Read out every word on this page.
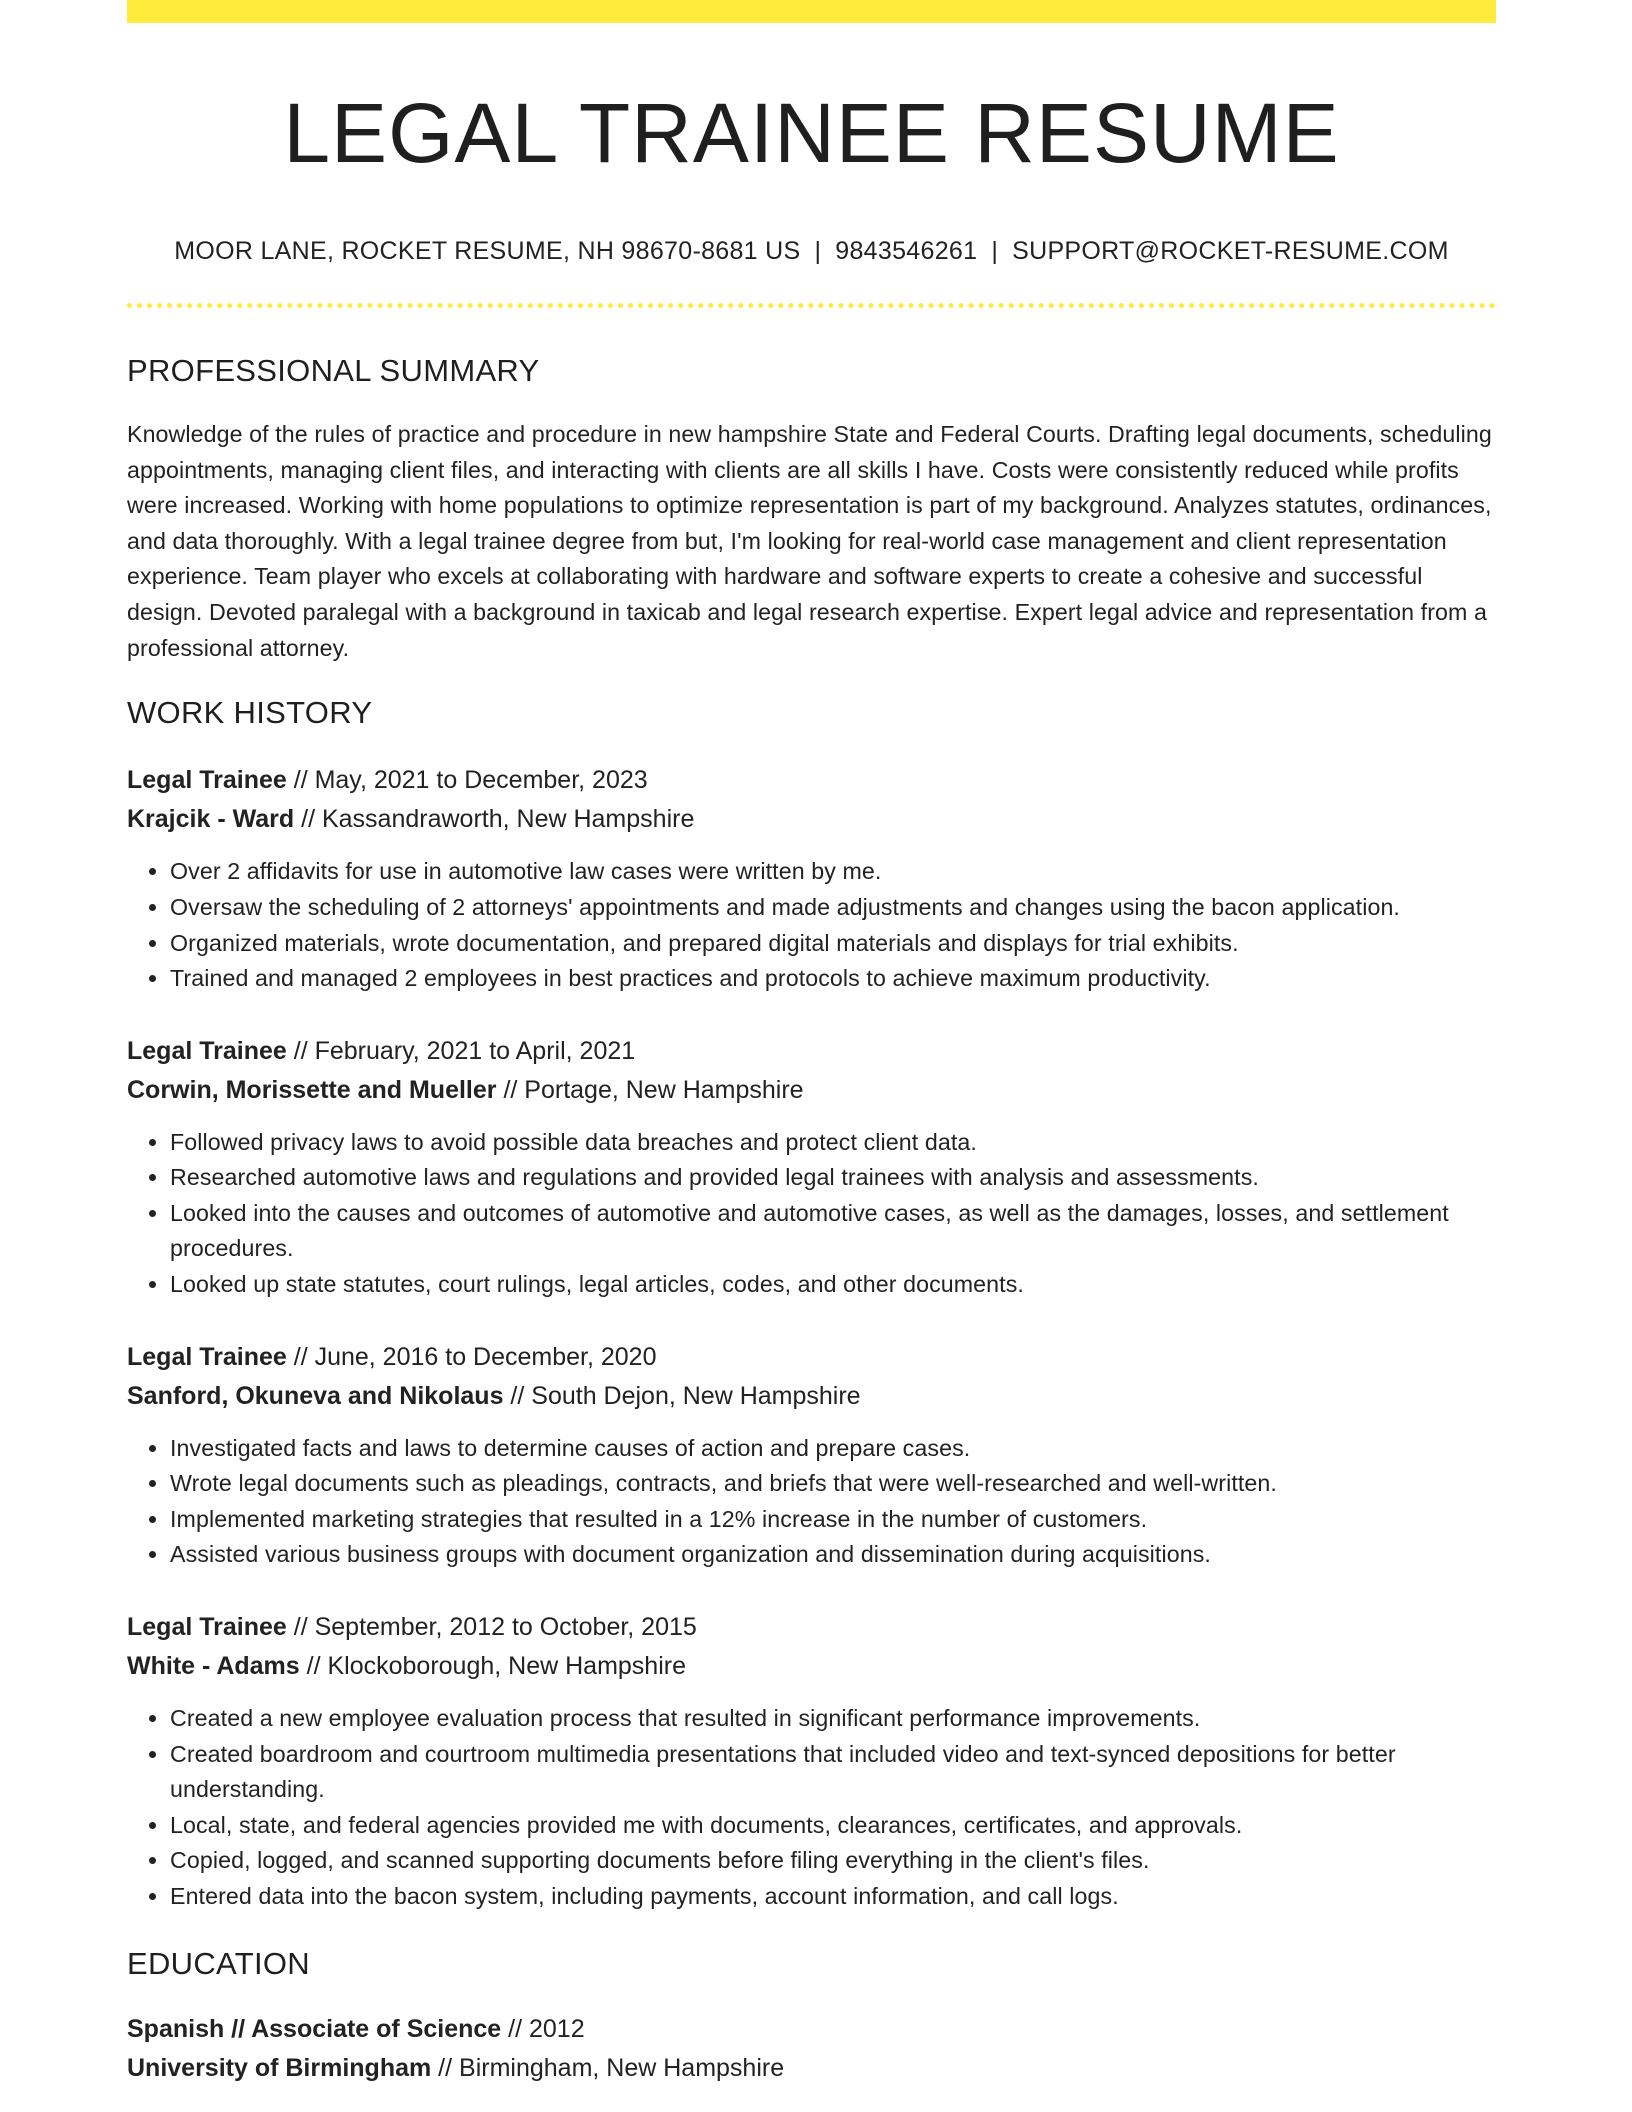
LEGAL TRAINEE RESUME
MOOR LANE, ROCKET RESUME, NH 98670-8681 US | 9843546261 | SUPPORT@ROCKET-RESUME.COM
PROFESSIONAL SUMMARY

Knowledge of the rules of practice and procedure in new hampshire State and Federal Courts. Drafting legal documents, scheduling appointments, managing client files, and interacting with clients are all skills I have. Costs were consistently reduced while profits were increased. Working with home populations to optimize representation is part of my background. Analyzes statutes, ordinances, and data thoroughly. With a legal trainee degree from but, I'm looking for real-world case management and client representation experience. Team player who excels at collaborating with hardware and software experts to create a cohesive and successful design. Devoted paralegal with a background in taxicab and legal research expertise. Expert legal advice and representation from a professional attorney.

WORK HISTORY
Legal Trainee // May, 2021 to December, 2023
Krajcik - Ward // Kassandraworth, New Hampshire
• Over 2 affidavits for use in automotive law cases were written by me.
• Oversaw the scheduling of 2 attorneys' appointments and made adjustments and changes using the bacon application.
• Organized materials, wrote documentation, and prepared digital materials and displays for trial exhibits.
• Trained and managed 2 employees in best practices and protocols to achieve maximum productivity.
Legal Trainee // February, 2021 to April, 2021
Corwin, Morissette and Mueller // Portage, New Hampshire
• Followed privacy laws to avoid possible data breaches and protect client data.
• Researched automotive laws and regulations and provided legal trainees with analysis and assessments.
• Looked into the causes and outcomes of automotive and automotive cases, as well as the damages, losses, and settlement procedures.
• Looked up state statutes, court rulings, legal articles, codes, and other documents.
Legal Trainee // June, 2016 to December, 2020
Sanford, Okuneva and Nikolaus // South Dejon, New Hampshire
• Investigated facts and laws to determine causes of action and prepare cases.
• Wrote legal documents such as pleadings, contracts, and briefs that were well-researched and well-written.
• Implemented marketing strategies that resulted in a 12% increase in the number of customers.
• Assisted various business groups with document organization and dissemination during acquisitions.
Legal Trainee // September, 2012 to October, 2015
White - Adams // Klockoborough, New Hampshire
• Created a new employee evaluation process that resulted in significant performance improvements.
• Created boardroom and courtroom multimedia presentations that included video and text-synced depositions for better understanding.
• Local, state, and federal agencies provided me with documents, clearances, certificates, and approvals.
• Copied, logged, and scanned supporting documents before filing everything in the client's files.
• Entered data into the bacon system, including payments, account information, and call logs.
EDUCATION
Spanish // Associate of Science // 2012
University of Birmingham // Birmingham, New Hampshire
